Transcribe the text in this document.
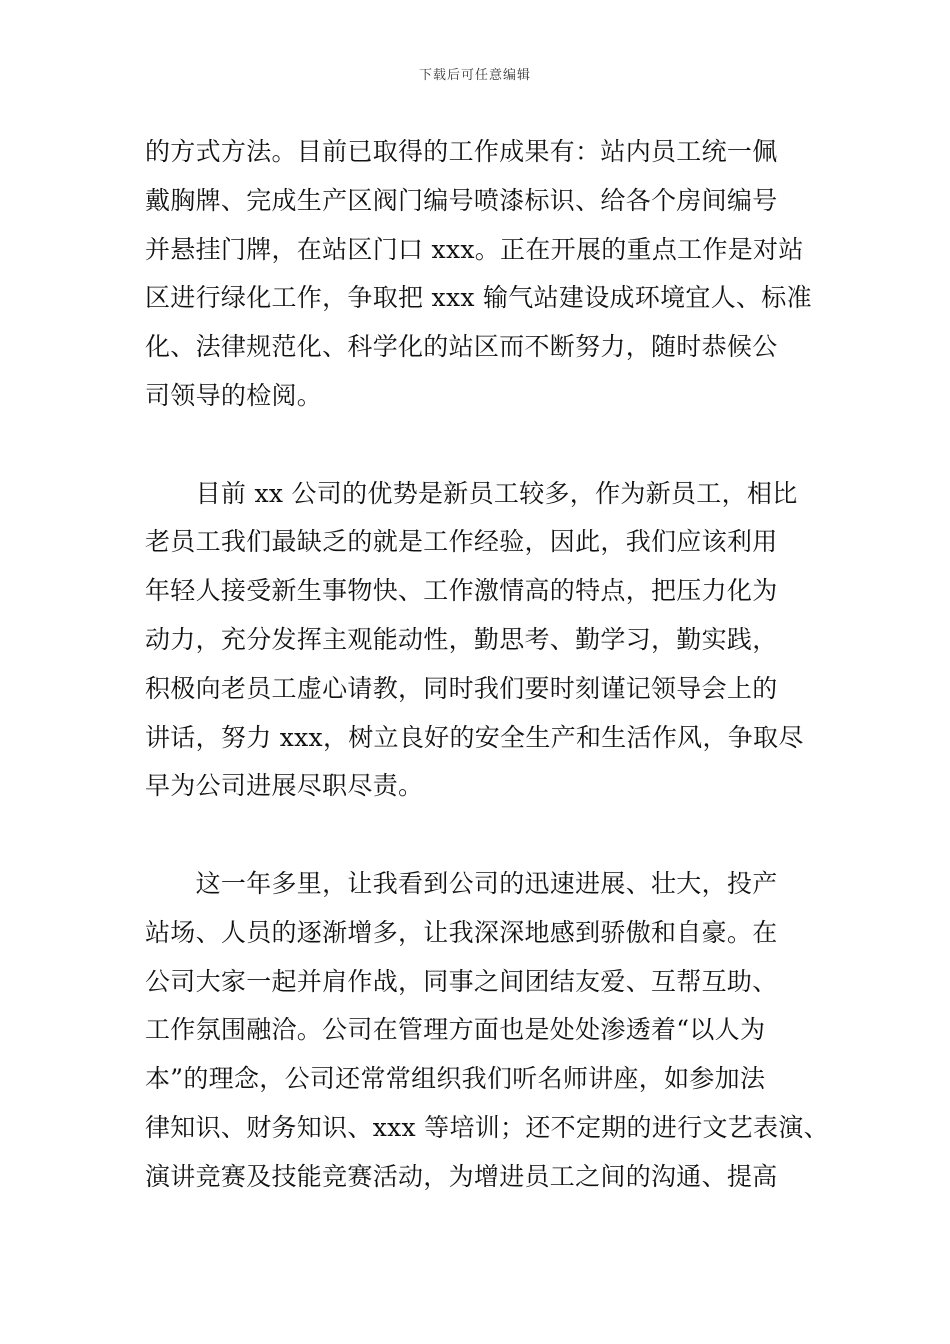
下载后可任意编辑
的方式方法。目前已取得的工作成果有：站内员工统一佩
戴胸牌、完成生产区阀门编号喷漆标识、给各个房间编号
并悬挂门牌，在站区门口 xxx。正在开展的重点工作是对站
区进行绿化工作，争取把 xxx 输气站建设成环境宜人、标准
化、法律规范化、科学化的站区而不断努力，随时恭候公
司领导的检阅。
　　目前 xx 公司的优势是新员工较多，作为新员工，相比
老员工我们最缺乏的就是工作经验，因此，我们应该利用
年轻人接受新生事物快、工作激情高的特点，把压力化为
动力，充分发挥主观能动性，勤思考、勤学习，勤实践，
积极向老员工虚心请教，同时我们要时刻谨记领导会上的
讲话，努力 xxx，树立良好的安全生产和生活作风，争取尽
早为公司进展尽职尽责。
　　这一年多里，让我看到公司的迅速进展、壮大，投产
站场、人员的逐渐增多，让我深深地感到骄傲和自豪。在
公司大家一起并肩作战，同事之间团结友爱、互帮互助、
工作氛围融洽。公司在管理方面也是处处渗透着“以人为
本”的理念，公司还常常组织我们听名师讲座，如参加法
律知识、财务知识、xxx 等培训；还不定期的进行文艺表演、
演讲竞赛及技能竞赛活动，为增进员工之间的沟通、提高
